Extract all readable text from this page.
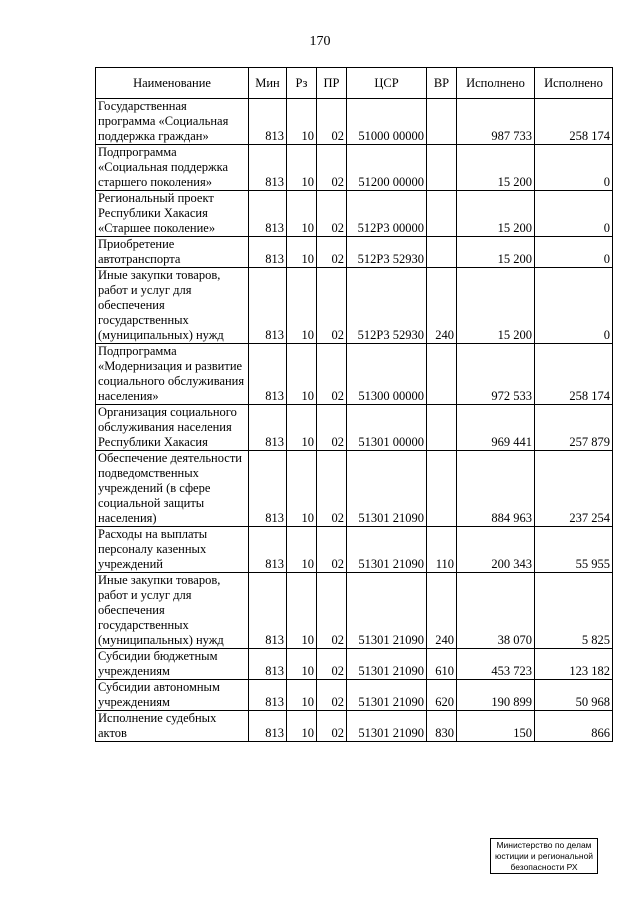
170
Наименование	Мин	Рз	ПР	ЦСР	ВР	Исполнено	Исполнено
Государственная программа «Социальная поддержка граждан»	813	10	02	51000 00000		987 733	258 174
Подпрограмма «Социальная поддержка старшего поколения»	813	10	02	51200 00000		15 200	0
Региональный проект Республики Хакасия «Старшее поколение»	813	10	02	512Р3 00000		15 200	0
Приобретение автотранспорта	813	10	02	512Р3 52930		15 200	0
Иные закупки товаров, работ и услуг для обеспечения государственных (муниципальных) нужд	813	10	02	512Р3 52930	240	15 200	0
Подпрограмма «Модернизация и развитие социального обслуживания населения»	813	10	02	51300 00000		972 533	258 174
Организация социального обслуживания населения Республики Хакасия	813	10	02	51301 00000		969 441	257 879
Обеспечение деятельности подведомственных учреждений (в сфере социальной защиты населения)	813	10	02	51301 21090		884 963	237 254
Расходы на выплаты персоналу казенных учреждений	813	10	02	51301 21090	110	200 343	55 955
Иные закупки товаров, работ и услуг для обеспечения государственных (муниципальных) нужд	813	10	02	51301 21090	240	38 070	5 825
Субсидии бюджетным учреждениям	813	10	02	51301 21090	610	453 723	123 182
Субсидии автономным учреждениям	813	10	02	51301 21090	620	190 899	50 968
Исполнение судебных актов	813	10	02	51301 21090	830	150	866
Министерство по делам
юстиции и региональной
безопасности РХ
